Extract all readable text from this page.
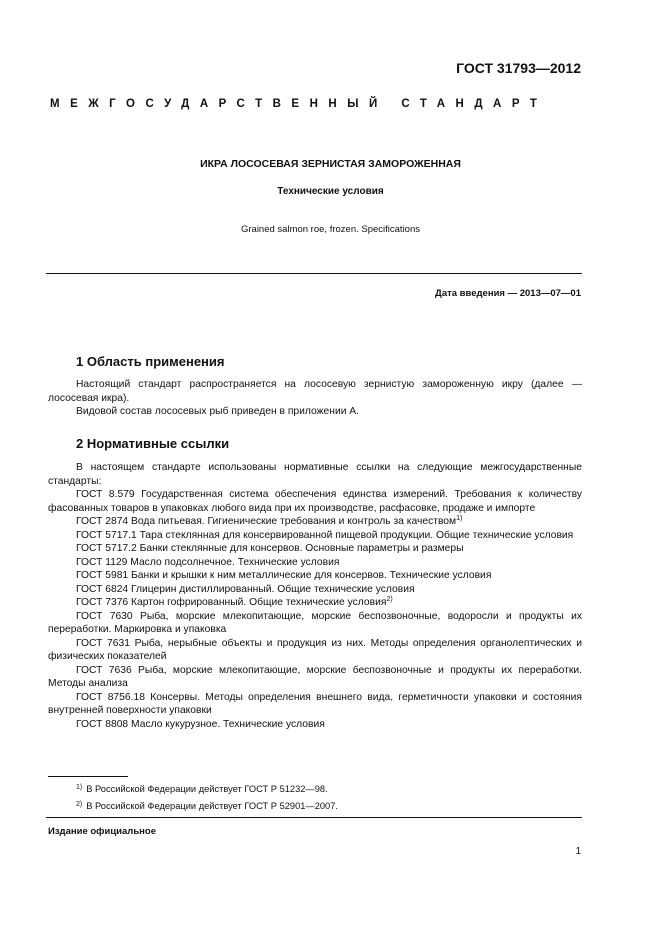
ГОСТ 31793—2012
МЕЖГОСУДАРСТВЕННЫЙ СТАНДАРТ
ИКРА ЛОСОСЕВАЯ ЗЕРНИСТАЯ ЗАМОРОЖЕННАЯ
Технические условия
Grained salmon roe, frozen. Specifications
Дата введения — 2013—07—01
1 Область применения

Настоящий стандарт распространяется на лососевую зернистую замороженную икру (далее — лососевая икра).

Видовой состав лососевых рыб приведен в приложении А.

2 Нормативные ссылки

В настоящем стандарте использованы нормативные ссылки на следующие межгосударственные стандарты:

ГОСТ 8.579 Государственная система обеспечения единства измерений. Требования к количеству фасованных товаров в упаковках любого вида при их производстве, расфасовке, продаже и импорте

ГОСТ 2874 Вода питьевая. Гигиенические требования и контроль за качеством$^{1)}$

ГОСТ 5717.1 Тара стеклянная для консервированной пищевой продукции. Общие технические условия

ГОСТ 5717.2 Банки стеклянные для консервов. Основные параметры и размеры

ГОСТ 1129 Масло подсолнечное. Технические условия

ГОСТ 5981 Банки и крышки к ним металлические для консервов. Технические условия

ГОСТ 6824 Глицерин дистиллированный. Общие технические условия

ГОСТ 7376 Картон гофрированный. Общие технические условия$^{2)}$

ГОСТ 7630 Рыба, морские млекопитающие, морские беспозвоночные, водоросли и продукты их переработки. Маркировка и упаковка

ГОСТ 7631 Рыба, нерыбные объекты и продукция из них. Методы определения органолептических и физических показателей

ГОСТ 7636 Рыба, морские млекопитающие, морские беспозвоночные и продукты их переработки. Методы анализа

ГОСТ 8756.18 Консервы. Методы определения внешнего вида, герметичности упаковки и состояния внутренней поверхности упаковки

ГОСТ 8808 Масло кукурузное. Технические условия

$^{1)}$ В Российской Федерации действует ГОСТ Р 51232—98.
$^{2)}$ В Российской Федерации действует ГОСТ Р 52901—2007.
Издание официальное
1
